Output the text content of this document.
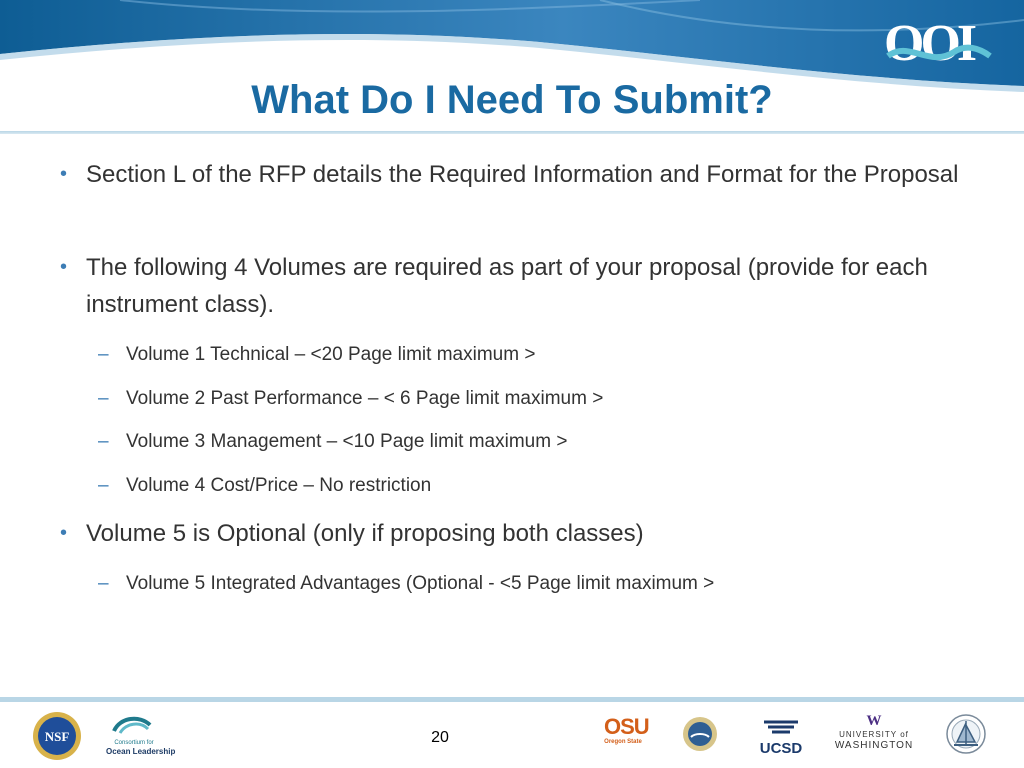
OOI
What Do I Need To Submit?
• Section L of the RFP details the Required Information and Format for the Proposal
• The following 4 Volumes are required as part of your proposal (provide for each instrument class).
– Volume 1 Technical – <20 Page limit maximum >
– Volume 2 Past Performance – < 6 Page limit maximum >
– Volume 3 Management – <10 Page limit maximum >
– Volume 4 Cost/Price – No restriction
• Volume 5 is Optional (only if proposing both classes)
– Volume 5 Integrated Advantages (Optional - <5 Page limit maximum >
NSF	Consortium for
Ocean Leadership
20	OSU
Oregon State	UCSD
W
UNIVERSITY of
WASHINGTON
